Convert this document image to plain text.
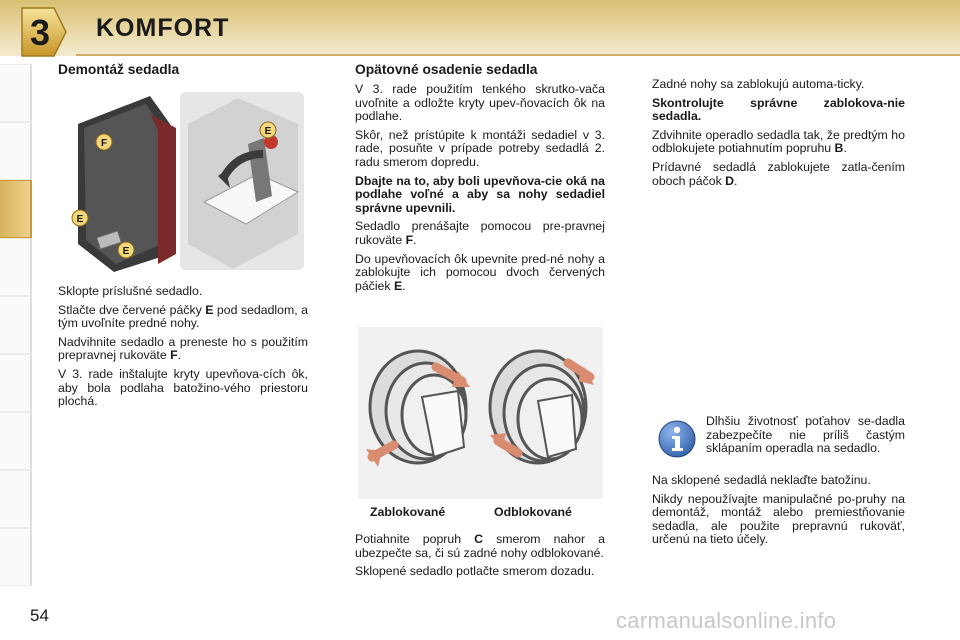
3 KOMFORT
Demontáž sedadla
F
E
E
E

Sklopte príslušné sedadlo.

Stlačte dve červené páčky E pod sedadlom, a tým uvoľníte predné nohy.

Nadvihnite sedadlo a preneste ho s použitím prepravnej rukoväte F.

V 3. rade inštalujte kryty upevňova-cích ôk, aby bola podlaha batožino-vého priestoru plochá.

Opätovné osadenie sedadla

V 3. rade použitím tenkého skrutko-vača uvoľnite a odložte kryty upev-ňovacích ôk na podlahe.

Skôr, než prístúpite k montáži sedadiel v 3. rade, posuňte v prípade potreby sedadlá 2. radu smerom dopredu.

Dbajte na to, aby boli upevňova-cie oká na podlahe voľné a aby sa nohy sedadiel správne upevnili.

Sedadlo prenášajte pomocou pre-pravnej rukoväte F.

Do upevňovacích ôk upevnite pred-né nohy a zablokujte ich pomocou dvoch červených páčiek E.

Zablokované	Odblokované

Potiahnite popruh C smerom nahor a ubezpečte sa, či sú zadné nohy odblokované.

Sklopené sedadlo potlačte smerom dozadu.

Zadné nohy sa zablokujú automa-ticky.

Skontrolujte správne zablokova-nie sedadla.

Zdvihnite operadlo sedadla tak, že predtým ho odblokujete potiahnutím popruhu B.

Prídavné sedadlá zablokujete zatla-čením oboch páčok D.

Dlhšiu životnosť poťahov se-dadla zabezpečíte nie príliš častým sklápaním operadla na sedadlo.

Na sklopené sedadlá neklaďte batožinu.

Nikdy nepoužívajte manipulačné po-pruhy na demontáž, montáž alebo premiestňovanie sedadla, ale použite prepravnú rukoväť, určenú na tieto účely.

54	carmanualsonline.info
